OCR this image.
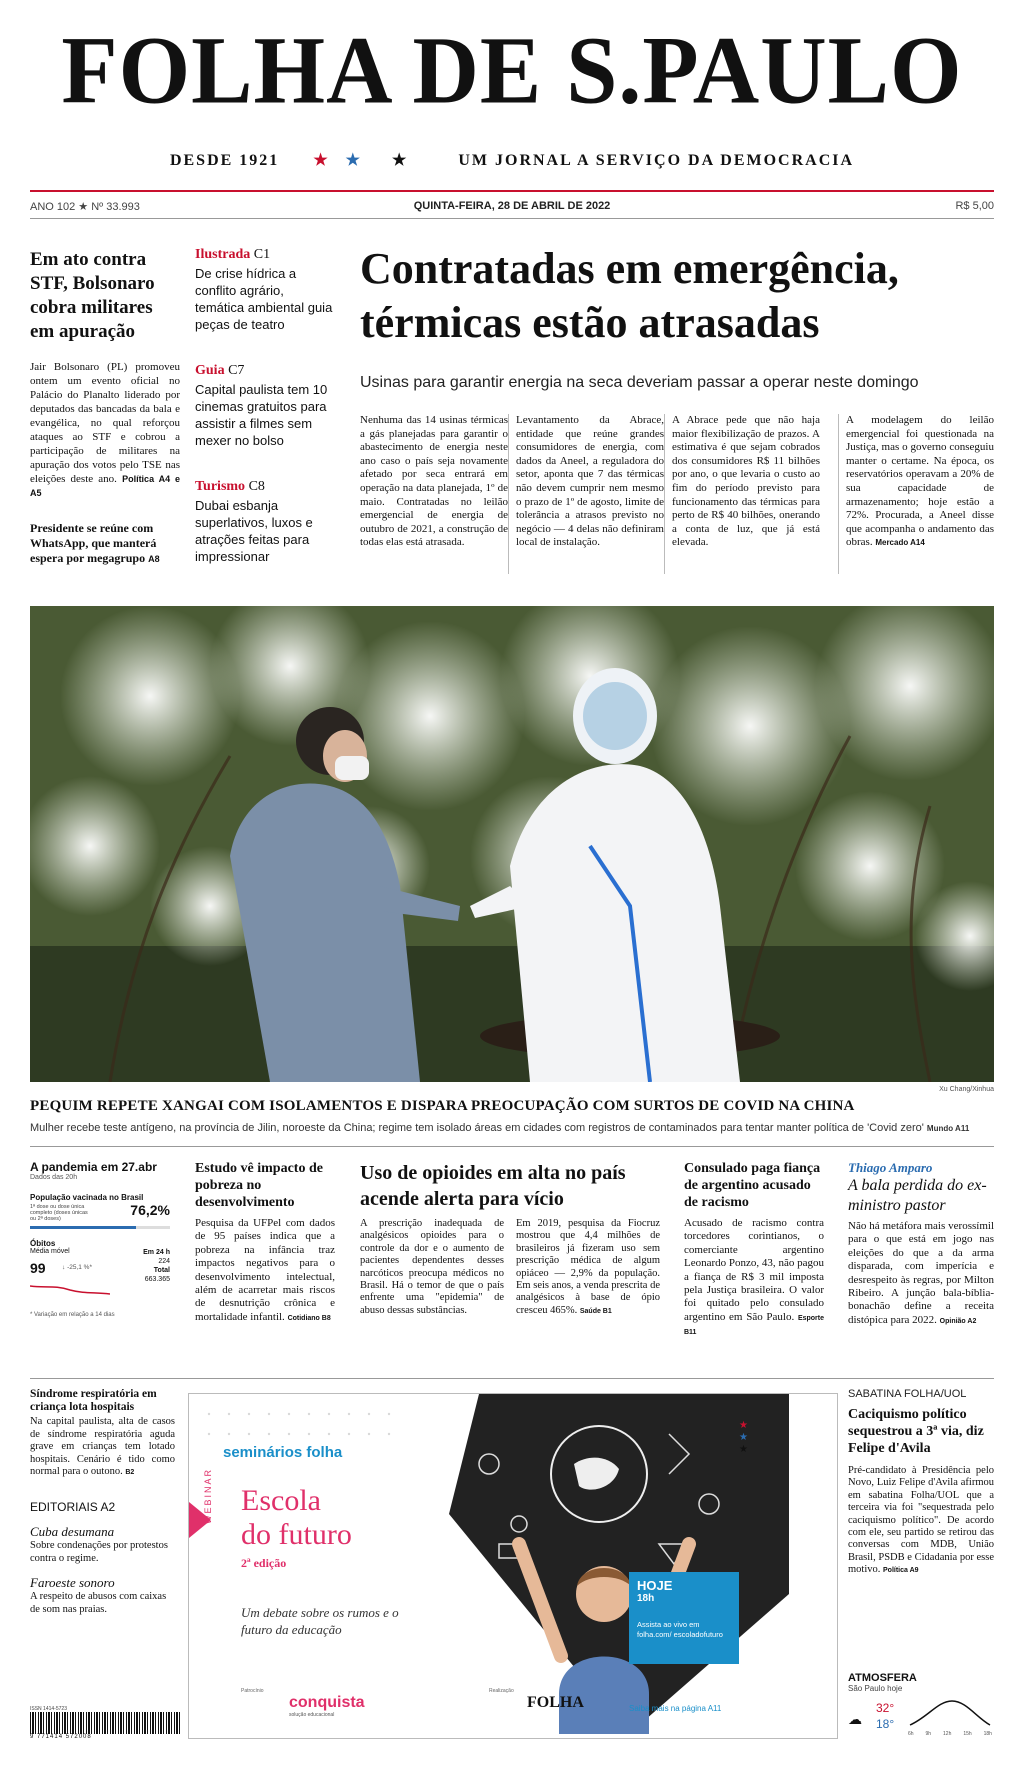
FOLHA DE S.PAULO
DESDE 1921 ★ ★ ★	UM JORNAL A SERVIÇO DA DEMOCRACIA
ANO 102 ★ Nº 33.993	QUINTA-FEIRA, 28 DE ABRIL DE 2022	R$ 5,00
Em ato contra STF, Bolsonaro cobra militares em apuração
Jair Bolsonaro (PL) promoveu ontem um evento oficial no Palácio do Planalto liderado por deputados das bancadas da bala e evangélica, no qual reforçou ataques ao STF e cobrou a participação de militares na apuração dos votos pelo TSE nas eleições deste ano. Política A4 e A5
Presidente se reúne com WhatsApp, que manterá espera por megagrupo A8
Ilustrada C1
De crise hídrica a conflito agrário, temática ambiental guia peças de teatro
Guia C7
Capital paulista tem 10 cinemas gratuitos para assistir a filmes sem mexer no bolso
Turismo C8
Dubai esbanja superlativos, luxos e atrações feitas para impressionar
Contratadas em emergência,
térmicas estão atrasadas
Usinas para garantir energia na seca deveriam passar a operar neste domingo
Nenhuma das 14 usinas térmicas a gás planejadas para garantir o abastecimento de energia neste ano caso o país seja novamente afetado por seca entrará em operação na data planejada, 1º de maio. Contratadas no leilão emergencial de energia de outubro de 2021, a construção de todas elas está atrasada.
Levantamento da Abrace, entidade que reúne grandes consumidores de energia, com dados da Aneel, a reguladora do setor, aponta que 7 das térmicas não devem cumprir nem mesmo o prazo de 1º de agosto, limite de tolerância a atrasos previsto no negócio — 4 delas não definiram local de instalação.
A Abrace pede que não haja maior flexibilização de prazos. A estimativa é que sejam cobrados dos consumidores R$ 11 bilhões por ano, o que levaria o custo ao fim do período previsto para funcionamento das térmicas para perto de R$ 40 bilhões, onerando a conta de luz, que já está elevada.
A modelagem do leilão emergencial foi questionada na Justiça, mas o governo conseguiu manter o certame. Na época, os reservatórios operavam a 20% de sua capacidade de armazenamento; hoje estão a 72%. Procurada, a Aneel disse que acompanha o andamento das obras. Mercado A14
Xu Chang/Xinhua
PEQUIM REPETE XANGAI COM ISOLAMENTOS E DISPARA PREOCUPAÇÃO COM SURTOS DE COVID NA CHINA
Mulher recebe teste antígeno, na província de Jilin, noroeste da China; regime tem isolado áreas em cidades com registros de contaminados para tentar manter política de 'Covid zero' Mundo A11
A pandemia em 27.abr
Dados das 20h
População vacinada no Brasil
1ª dose ou dose única completo (doses únicas ou 2ª doses)
76,2%
Óbitos
Média móvel
99	↓ -25,1 %*
Em 24 h
224
Total
663.365
* Variação em relação a 14 dias
Estudo vê impacto de pobreza no desenvolvimento
Pesquisa da UFPel com dados de 95 países indica que a pobreza na infância traz impactos negativos para o desenvolvimento intelectual, além de acarretar mais riscos de desnutrição crônica e mortalidade infantil. Cotidiano B8
Uso de opioides em alta no país acende alerta para vício
A prescrição inadequada de analgésicos opioides para o controle da dor e o aumento de pacientes dependentes desses narcóticos preocupa médicos no Brasil. Há o temor de que o país enfrente uma "epidemia" de abuso dessas substâncias.
Em 2019, pesquisa da Fiocruz mostrou que 4,4 milhões de brasileiros já fizeram uso sem prescrição médica de algum opiáceo — 2,9% da população. Em seis anos, a venda prescrita de analgésicos à base de ópio cresceu 465%. Saúde B1
Consulado paga fiança de argentino acusado de racismo
Acusado de racismo contra torcedores corintianos, o comerciante argentino Leonardo Ponzo, 43, não pagou a fiança de R$ 3 mil imposta pela Justiça brasileira. O valor foi quitado pelo consulado argentino em São Paulo. Esporte B11
Thiago Amparo
A bala perdida do ex-ministro pastor
Não há metáfora mais verossímil para o que está em jogo nas eleições do que a da arma disparada, com imperícia e desrespeito às regras, por Milton Ribeiro. A junção bala-bíblia-bonachão define a receita distópica para 2022. Opinião A2
Síndrome respiratória em criança lota hospitais
Na capital paulista, alta de casos de síndrome respiratória aguda grave em crianças tem lotado hospitais. Cenário é tido como normal para o outono. B2
EDITORIAIS A2
Cuba desumana
Sobre condenações por protestos contra o regime.
Faroeste sonoro
A respeito de abusos com caixas de som nas praias.
ISSN 1414-5723
9 771414 572008
★
★
★
seminários folha
WEBINAR Escola
do futuro
2ª edição
Um debate sobre os rumos e o futuro da educação
HOJE
18h
Assista ao vivo em folha.com/ escoladofuturo
Saiba mais na página A11
Patrocínio
conquista
solução educacional
Realização
FOLHA
SABATINA FOLHA/UOL
Caciquismo político sequestrou a 3ª via, diz Felipe d'Avila
Pré-candidato à Presidência pelo Novo, Luiz Felipe d'Avila afirmou em sabatina Folha/UOL que a terceira via foi "sequestrada pelo caciquismo político". De acordo com ele, seu partido se retirou das conversas com MDB, União Brasil, PSDB e Cidadania por esse motivo. Política A9
ATMOSFERA
São Paulo hoje
☁
32°
18°
6h 9h 12h 15h 18h
